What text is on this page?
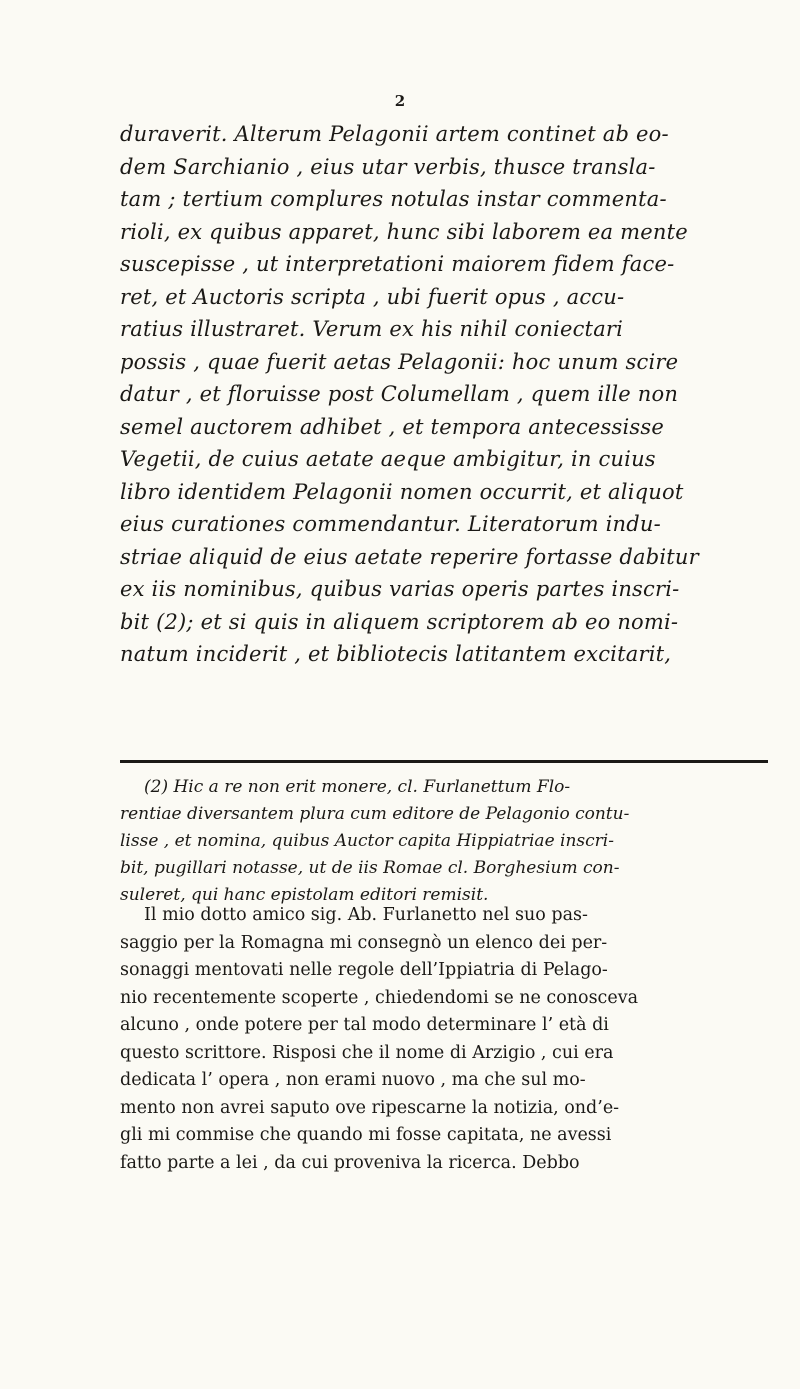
2
duraverit. Alterum Pelagonii artem continet ab eo-
dem Sarchianio , eius utar verbis, thusce transla-
tam ; tertium complures notulas instar commenta-
rioli, ex quibus apparet, hunc sibi laborem ea mente
suscepisse , ut interpretationi maiorem fidem face-
ret, et Auctoris scripta , ubi fuerit opus , accu-
ratius illustraret. Verum ex his nihil coniectari
possis , quae fuerit aetas Pelagonii: hoc unum scire
datur , et floruisse post Columellam , quem ille non
semel auctorem adhibet , et tempora antecessisse
Vegetii, de cuius aetate aeque ambigitur, in cuius
libro identidem Pelagonii nomen occurrit, et aliquot
eius curationes commendantur. Literatorum indu-
striae aliquid de eius aetate reperire fortasse dabitur
ex iis nominibus, quibus varias operis partes inscri-
bit (2); et si quis in aliquem scriptorem ab eo nomi-
natum inciderit , et bibliotecis latitantem excitarit,
(2) Hic a re non erit monere, cl. Furlanettum Flo-
rentiae diversantem plura cum editore de Pelagonio contu-
lisse , et nomina, quibus Auctor capita Hippiatriae inscri-
bit, pugillari notasse, ut de iis Romae cl. Borghesium con-
suleret, qui hanc epistolam editori remisit.
Il mio dotto amico sig. Ab. Furlanetto nel suo pas-
saggio per la Romagna mi consegnò un elenco dei per-
sonaggi mentovati nelle regole dell’Ippiatria di Pelago-
nio recentemente scoperte , chiedendomi se ne conosceva
alcuno , onde potere per tal modo determinare l’ età di
questo scrittore. Risposi che il nome di Arzigio , cui era
dedicata l’ opera , non erami nuovo , ma che sul mo-
mento non avrei saputo ove ripescarne la notizia, ond’e-
gli mi commise che quando mi fosse capitata, ne avessi
fatto parte a lei , da cui proveniva la ricerca. Debbo
